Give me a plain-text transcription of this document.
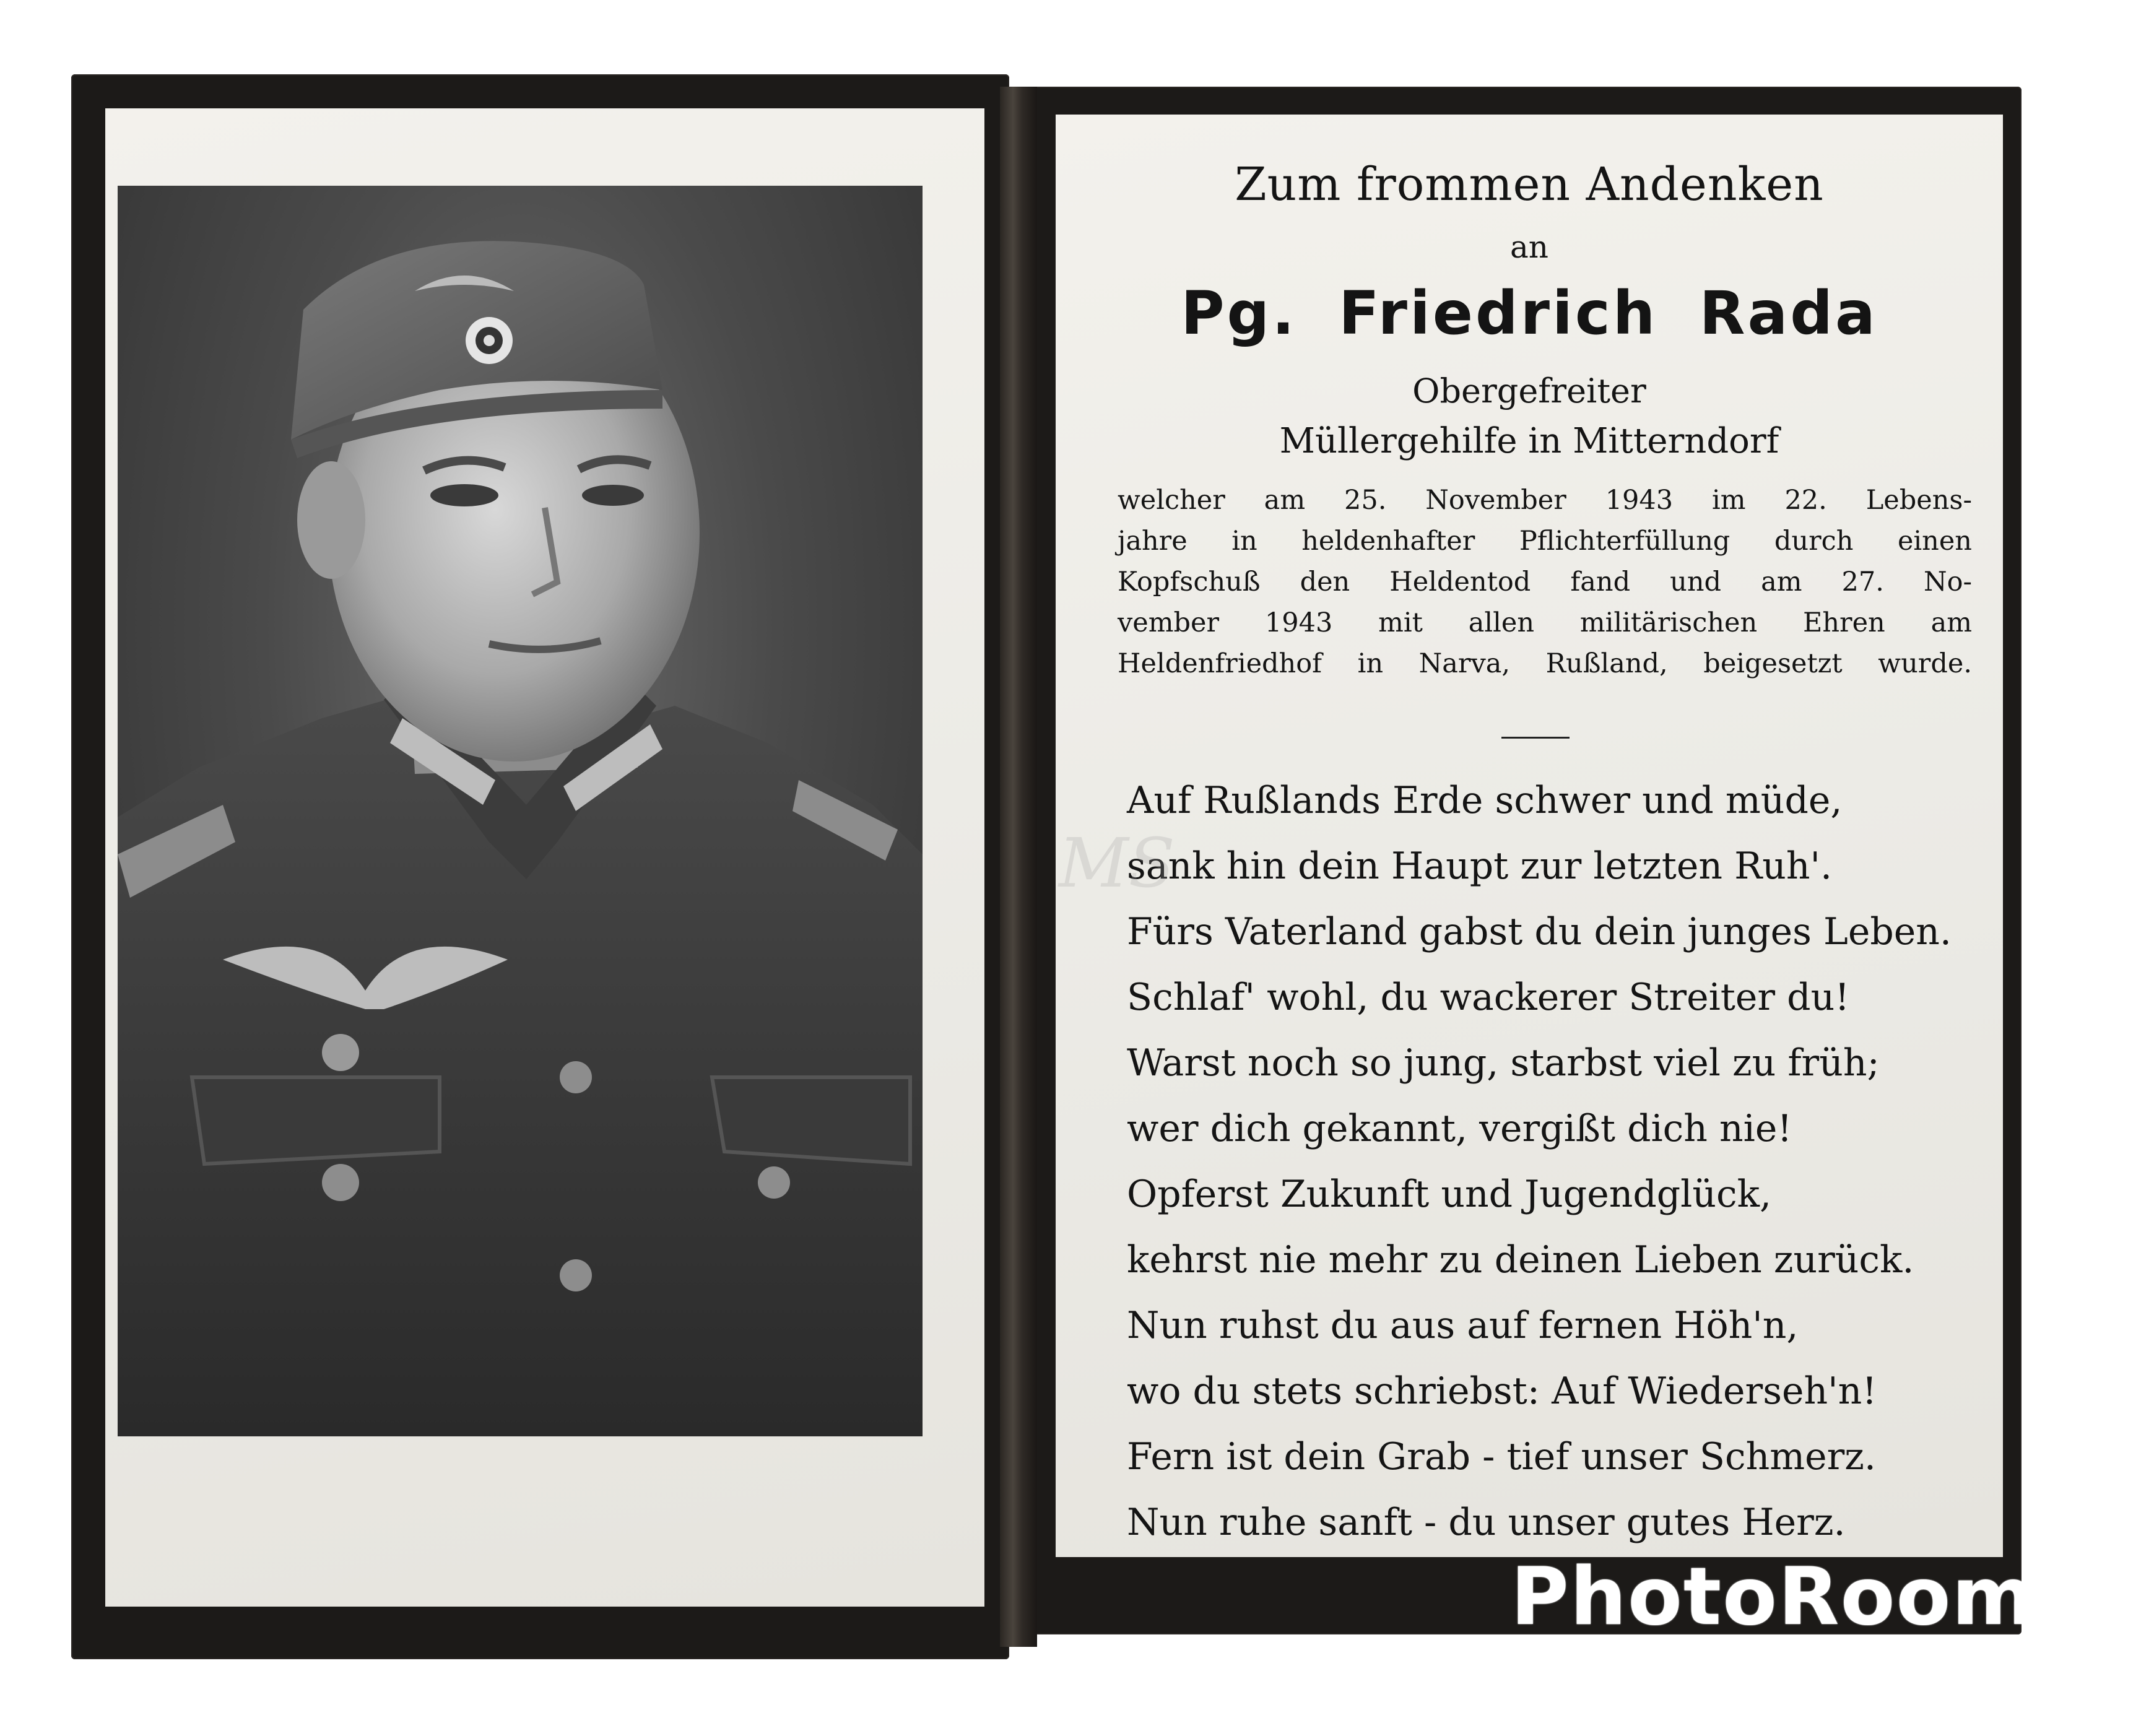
Zum frommen Andenken
an
Pg. Friedrich Rada
Obergefreiter
Müllergehilfe in Mitterndorf
welcher am 25. November 1943 im 22. Lebens-
jahre in heldenhafter Pflichterfüllung durch einen
Kopfschuß den Heldentod fand und am 27. No-
vember 1943 mit allen militärischen Ehren am
Heldenfriedhof in Narva, Rußland, beigesetzt wurde.
Auf Rußlands Erde schwer und müde,
sank hin dein Haupt zur letzten Ruh'.
Fürs Vaterland gabst du dein junges Leben.
Schlaf' wohl, du wackerer Streiter du!
Warst noch so jung, starbst viel zu früh;
wer dich gekannt, vergißt dich nie!
Opferst Zukunft und Jugendglück,
kehrst nie mehr zu deinen Lieben zurück.
Nun ruhst du aus auf fernen Höh'n,
wo du stets schriebst: Auf Wiederseh'n!
Fern ist dein Grab - tief unser Schmerz.
Nun ruhe sanft - du unser gutes Herz.
MS
PhotoRoom
